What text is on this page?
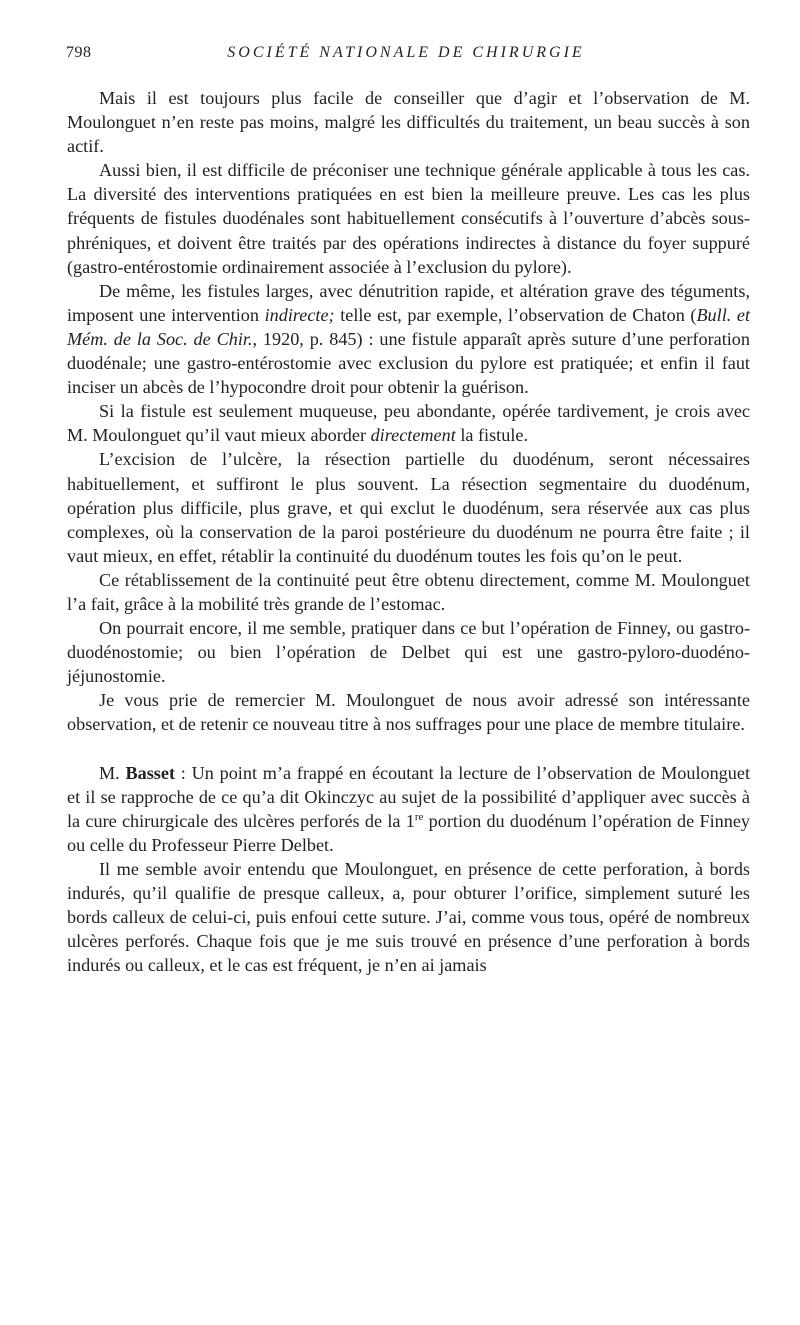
798	SOCIÉTÉ NATIONALE DE CHIRURGIE

Mais il est toujours plus facile de conseiller que d’agir et l’observation de M. Moulonguet n’en reste pas moins, malgré les difficultés du traitement, un beau succès à son actif.

Aussi bien, il est difficile de préconiser une technique générale applicable à tous les cas. La diversité des interventions pratiquées en est bien la meilleure preuve. Les cas les plus fréquents de fistules duodénales sont habituellement consécutifs à l’ouverture d’abcès sous-phréniques, et doivent être traités par des opérations indirectes à distance du foyer suppuré (gastro-entérostomie ordinairement associée à l’exclusion du pylore).

De même, les fistules larges, avec dénutrition rapide, et altération grave des téguments, imposent une intervention indirecte; telle est, par exemple, l’observation de Chaton (Bull. et Mém. de la Soc. de Chir., 1920, p. 845) : une fistule apparaît après suture d’une perforation duodénale; une gastro-entérostomie avec exclusion du pylore est pratiquée; et enfin il faut inciser un abcès de l’hypocondre droit pour obtenir la guérison.

Si la fistule est seulement muqueuse, peu abondante, opérée tardivement, je crois avec M. Moulonguet qu’il vaut mieux aborder directement la fistule.

L’excision de l’ulcère, la résection partielle du duodénum, seront nécessaires habituellement, et suffiront le plus souvent. La résection segmentaire du duodénum, opération plus difficile, plus grave, et qui exclut le duodénum, sera réservée aux cas plus complexes, où la conservation de la paroi postérieure du duodénum ne pourra être faite ; il vaut mieux, en effet, rétablir la continuité du duodénum toutes les fois qu’on le peut.

Ce rétablissement de la continuité peut être obtenu directement, comme M. Moulonguet l’a fait, grâce à la mobilité très grande de l’estomac.

On pourrait encore, il me semble, pratiquer dans ce but l’opération de Finney, ou gastro-duodénostomie; ou bien l’opération de Delbet qui est une gastro-pyloro-duodéno-jéjunostomie.

Je vous prie de remercier M. Moulonguet de nous avoir adressé son intéressante observation, et de retenir ce nouveau titre à nos suffrages pour une place de membre titulaire.

M. Basset : Un point m’a frappé en écoutant la lecture de l’observation de Moulonguet et il se rapproche de ce qu’a dit Okinczyc au sujet de la possibilité d’appliquer avec succès à la cure chirurgicale des ulcères perforés de la 1re portion du duodénum l’opération de Finney ou celle du Professeur Pierre Delbet.

Il me semble avoir entendu que Moulonguet, en présence de cette perforation, à bords indurés, qu’il qualifie de presque calleux, a, pour obturer l’orifice, simplement suturé les bords calleux de celui-ci, puis enfoui cette suture. J’ai, comme vous tous, opéré de nombreux ulcères perforés. Chaque fois que je me suis trouvé en présence d’une perforation à bords indurés ou calleux, et le cas est fréquent, je n’en ai jamais
